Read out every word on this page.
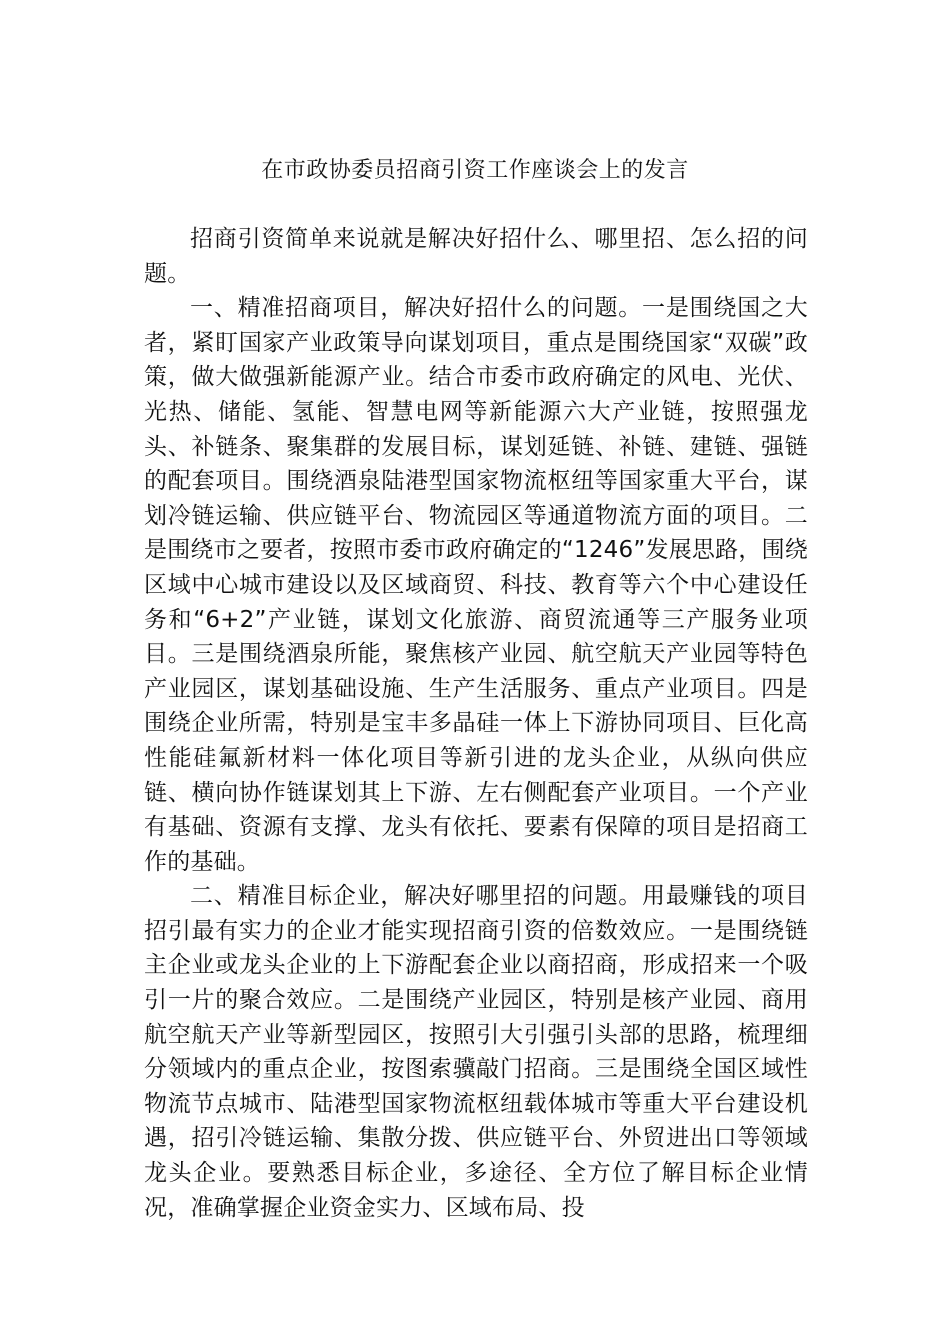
在市政协委员招商引资工作座谈会上的发言

招商引资简单来说就是解决好招什么、哪里招、怎么招的问题。

一、精准招商项目，解决好招什么的问题。一是围绕国之大者，紧盯国家产业政策导向谋划项目，重点是围绕国家“双碳”政策，做大做强新能源产业。结合市委市政府确定的风电、光伏、光热、储能、氢能、智慧电网等新能源六大产业链，按照强龙头、补链条、聚集群的发展目标，谋划延链、补链、建链、强链的配套项目。围绕酒泉陆港型国家物流枢纽等国家重大平台，谋划冷链运输、供应链平台、物流园区等通道物流方面的项目。二是围绕市之要者，按照市委市政府确定的“1246”发展思路，围绕区域中心城市建设以及区域商贸、科技、教育等六个中心建设任务和“6+2”产业链，谋划文化旅游、商贸流通等三产服务业项目。三是围绕酒泉所能，聚焦核产业园、航空航天产业园等特色产业园区，谋划基础设施、生产生活服务、重点产业项目。四是围绕企业所需，特别是宝丰多晶硅一体上下游协同项目、巨化高性能硅氟新材料一体化项目等新引进的龙头企业，从纵向供应链、横向协作链谋划其上下游、左右侧配套产业项目。一个产业有基础、资源有支撑、龙头有依托、要素有保障的项目是招商工作的基础。

二、精准目标企业，解决好哪里招的问题。用最赚钱的项目招引最有实力的企业才能实现招商引资的倍数效应。一是围绕链主企业或龙头企业的上下游配套企业以商招商，形成招来一个吸引一片的聚合效应。二是围绕产业园区，特别是核产业园、商用航空航天产业等新型园区，按照引大引强引头部的思路，梳理细分领域内的重点企业，按图索骥敲门招商。三是围绕全国区域性物流节点城市、陆港型国家物流枢纽载体城市等重大平台建设机遇，招引冷链运输、集散分拨、供应链平台、外贸进出口等领域龙头企业。要熟悉目标企业，多途径、全方位了解目标企业情况，准确掌握企业资金实力、区域布局、投
